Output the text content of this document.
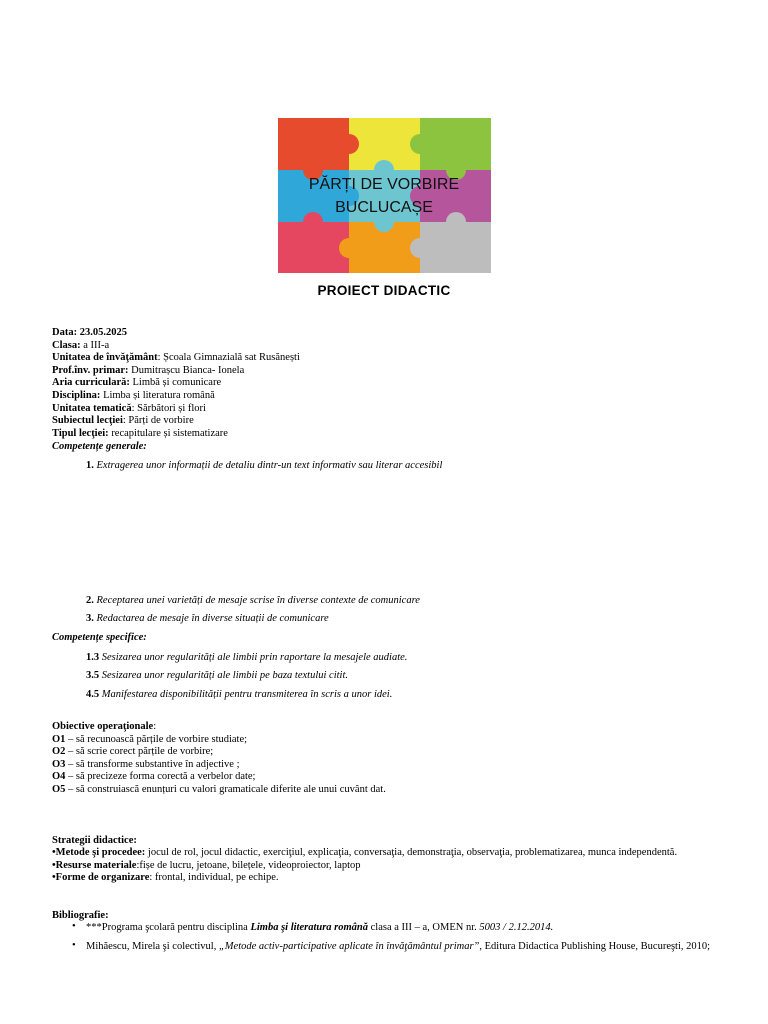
PĂRȚI DE VORBIRE
BUCLUCAȘE
PROIECT DIDACTIC
Data: 23.05.2025
Clasa: a III-a
Unitatea de învăţământ: Școala Gimnazială sat Rusănești
Prof.înv. primar: Dumitrașcu Bianca- Ionela
Aria curriculară: Limbă și comunicare
Disciplina: Limba și literatura română
Unitatea tematică: Sărbători și flori
Subiectul lecţiei: Părți de vorbire
Tipul lecţiei: recapitulare și sistematizare
Competențe generale:
1. Extragerea unor informații de detaliu dintr-un text informativ sau literar accesibil
2. Receptarea unei varietăți de mesaje scrise în diverse contexte de comunicare
3. Redactarea de mesaje în diverse situații de comunicare
Competențe specifice:
1.3 Sesizarea unor regularități ale limbii prin raportare la mesajele audiate.
3.5 Sesizarea unor regularități ale limbii pe baza textului citit.
4.5 Manifestarea disponibilității pentru transmiterea în scris a unor idei.
Obiective operaţionale:
O1 – să recunoască părțile de vorbire studiate;
O2 – să scrie corect părțile de vorbire;
O3 – să transforme substantive în adjective ;
O4 – să precizeze forma corectă a verbelor date;
O5 – să construiască enunțuri cu valori gramaticale diferite ale unui cuvânt dat.
Strategii didactice:
•Metode şi procedee: jocul de rol, jocul didactic, exerciţiul, explicaţia, conversaţia, demonstraţia, observaţia, problematizarea, munca independentă.
•Resurse materiale:fișe de lucru, jetoane, bilețele, videoproiector, laptop
•Forme de organizare: frontal, individual, pe echipe.
Bibliografie:
• ***Programa şcolară pentru disciplina Limba şi literatura română clasa a III – a, OMEN nr. 5003 / 2.12.2014.
• Mihăescu, Mirela şi colectivul, „Metode activ-participative aplicate în învăţământul primar”, Editura Didactica Publishing House, Bucureşti, 2010;
